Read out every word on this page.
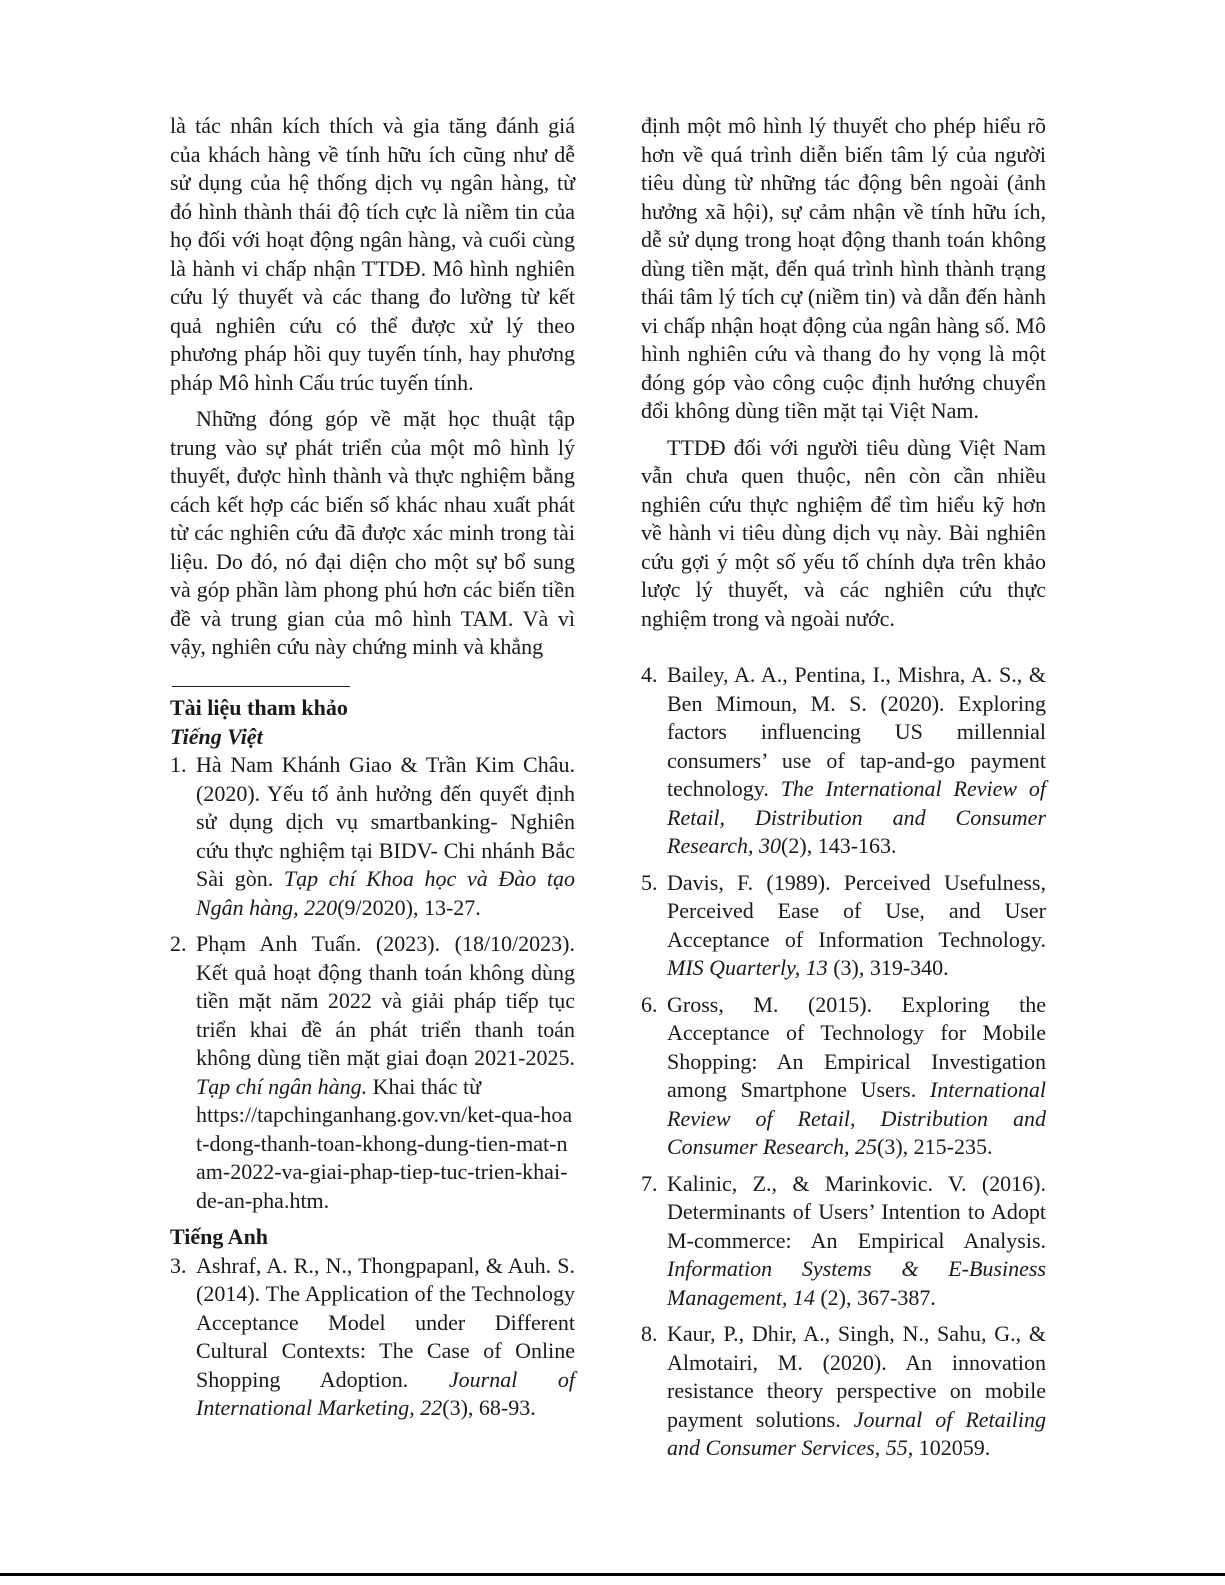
là tác nhân kích thích và gia tăng đánh giá của khách hàng về tính hữu ích cũng như dễ sử dụng của hệ thống dịch vụ ngân hàng, từ đó hình thành thái độ tích cực là niềm tin của họ đối với hoạt động ngân hàng, và cuối cùng là hành vi chấp nhận TTDĐ. Mô hình nghiên cứu lý thuyết và các thang đo lường từ kết quả nghiên cứu có thể được xử lý theo phương pháp hồi quy tuyến tính, hay phương pháp Mô hình Cấu trúc tuyến tính.

Những đóng góp về mặt học thuật tập trung vào sự phát triển của một mô hình lý thuyết, được hình thành và thực nghiệm bằng cách kết hợp các biến số khác nhau xuất phát từ các nghiên cứu đã được xác minh trong tài liệu. Do đó, nó đại diện cho một sự bổ sung và góp phần làm phong phú hơn các biến tiền đề và trung gian của mô hình TAM. Và vì vậy, nghiên cứu này chứng minh và khẳng

định một mô hình lý thuyết cho phép hiểu rõ hơn về quá trình diễn biến tâm lý của người tiêu dùng từ những tác động bên ngoài (ảnh hưởng xã hội), sự cảm nhận về tính hữu ích, dễ sử dụng trong hoạt động thanh toán không dùng tiền mặt, đến quá trình hình thành trạng thái tâm lý tích cự (niềm tin) và dẫn đến hành vi chấp nhận hoạt động của ngân hàng số. Mô hình nghiên cứu và thang đo hy vọng là một đóng góp vào công cuộc định hướng chuyển đổi không dùng tiền mặt tại Việt Nam.

TTDĐ đối với người tiêu dùng Việt Nam vẫn chưa quen thuộc, nên còn cần nhiều nghiên cứu thực nghiệm để tìm hiểu kỹ hơn về hành vi tiêu dùng dịch vụ này. Bài nghiên cứu gợi ý một số yếu tố chính dựa trên khảo lược lý thuyết, và các nghiên cứu thực nghiệm trong và ngoài nước.

Tài liệu tham khảo

Tiếng Việt

1. Hà Nam Khánh Giao & Trần Kim Châu. (2020). Yếu tố ảnh hưởng đến quyết định sử dụng dịch vụ smartbanking- Nghiên cứu thực nghiệm tại BIDV- Chi nhánh Bắc Sài gòn. Tạp chí Khoa học và Đào tạo Ngân hàng, 220(9/2020), 13-27.

2. Phạm Anh Tuấn. (2023). (18/10/2023). Kết quả hoạt động thanh toán không dùng tiền mặt năm 2022 và giải pháp tiếp tục triển khai đề án phát triển thanh toán không dùng tiền mặt giai đoạn 2021-2025. Tạp chí ngân hàng. Khai thác từ
https://tapchinganhang.gov.vn/ket-qua-hoat-dong-thanh-toan-khong-dung-tien-mat-nam-2022-va-giai-phap-tiep-tuc-trien-khai-de-an-pha.htm.

Tiếng Anh

3. Ashraf, A. R., N., Thongpapanl, & Auh. S. (2014). The Application of the Technology Acceptance Model under Different Cultural Contexts: The Case of Online Shopping Adoption. Journal of International Marketing, 22(3), 68-93.

4. Bailey, A. A., Pentina, I., Mishra, A. S., & Ben Mimoun, M. S. (2020). Exploring factors influencing US millennial consumers’ use of tap-and-go payment technology. The International Review of Retail, Distribution and Consumer Research, 30(2), 143-163.

5. Davis, F. (1989). Perceived Usefulness, Perceived Ease of Use, and User Acceptance of Information Technology. MIS Quarterly, 13 (3), 319-340.

6. Gross, M. (2015). Exploring the Acceptance of Technology for Mobile Shopping: An Empirical Investigation among Smartphone Users. International Review of Retail, Distribution and Consumer Research, 25(3), 215-235.

7. Kalinic, Z., & Marinkovic. V. (2016). Determinants of Users’ Intention to Adopt M-commerce: An Empirical Analysis. Information Systems & E-Business Management, 14 (2), 367-387.

8. Kaur, P., Dhir, A., Singh, N., Sahu, G., & Almotairi, M. (2020). An innovation resistance theory perspective on mobile payment solutions. Journal of Retailing and Consumer Services, 55, 102059.
